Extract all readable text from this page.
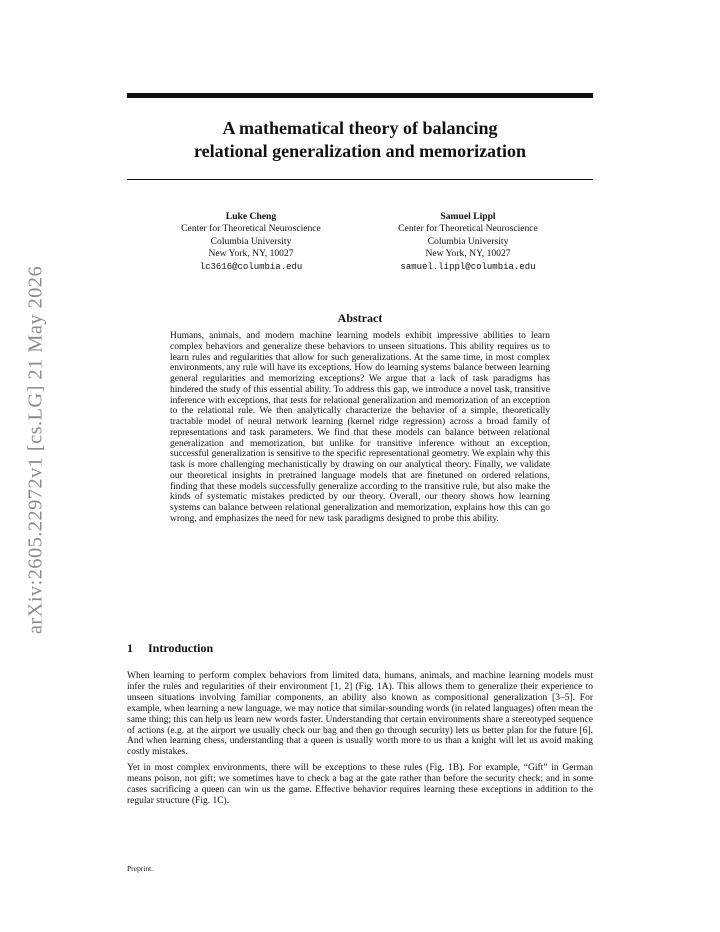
arXiv:2605.22972v1 [cs.LG] 21 May 2026
A mathematical theory of balancing
relational generalization and memorization
Luke Cheng
Center for Theoretical Neuroscience
Columbia University
New York, NY, 10027
lc3616@columbia.edu
Samuel Lippl
Center for Theoretical Neuroscience
Columbia University
New York, NY, 10027
samuel.lippl@columbia.edu
Abstract
Humans, animals, and modern machine learning models exhibit impressive abilities to learn complex behaviors and generalize these behaviors to unseen situations. This ability requires us to learn rules and regularities that allow for such generalizations. At the same time, in most complex environments, any rule will have its exceptions. How do learning systems balance between learning general regularities and memorizing exceptions? We argue that a lack of task paradigms has hindered the study of this essential ability. To address this gap, we introduce a novel task, transitive inference with exceptions, that tests for relational generalization and memorization of an exception to the relational rule. We then analytically characterize the behavior of a simple, theoretically tractable model of neural network learning (kernel ridge regression) across a broad family of representations and task parameters. We find that these models can balance between relational generalization and memorization, but unlike for transitive inference without an exception, successful generalization is sensitive to the specific representational geometry. We explain why this task is more challenging mechanistically by drawing on our analytical theory. Finally, we validate our theoretical insights in pretrained language models that are finetuned on ordered relations, finding that these models successfully generalize according to the transitive rule, but also make the kinds of systematic mistakes predicted by our theory. Overall, our theory shows how learning systems can balance between relational generalization and memorization, explains how this can go wrong, and emphasizes the need for new task paradigms designed to probe this ability.
1 Introduction

When learning to perform complex behaviors from limited data, humans, animals, and machine learning models must infer the rules and regularities of their environment [1, 2] (Fig. 1A). This allows them to generalize their experience to unseen situations involving familiar components, an ability also known as compositional generalization [3–5]. For example, when learning a new language, we may notice that similar-sounding words (in related languages) often mean the same thing; this can help us learn new words faster. Understanding that certain environments share a stereotyped sequence of actions (e.g. at the airport we usually check our bag and then go through security) lets us better plan for the future [6]. And when learning chess, understanding that a queen is usually worth more to us than a knight will let us avoid making costly mistakes.

Yet in most complex environments, there will be exceptions to these rules (Fig. 1B). For example, “Gift” in German means poison, not gift; we sometimes have to check a bag at the gate rather than before the security check; and in some cases sacrificing a queen can win us the game. Effective behavior requires learning these exceptions in addition to the regular structure (Fig. 1C).

Preprint.
